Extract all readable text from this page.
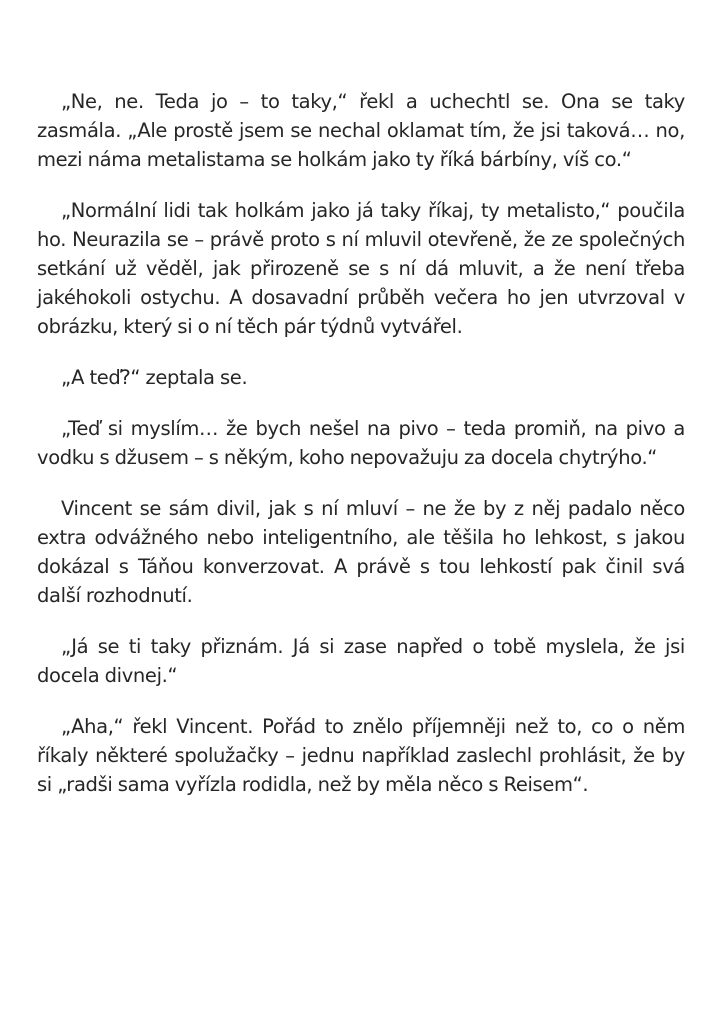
„Ne, ne. Teda jo – to taky,“ řekl a uchechtl se. Ona se taky zasmála. „Ale prostě jsem se nechal oklamat tím, že jsi taková… no, mezi náma metalistama se holkám jako ty říká bárbíny, víš co.“

„Normální lidi tak holkám jako já taky říkaj, ty metalisto,“ poučila ho. Neurazila se – právě proto s ní mluvil otevřeně, že ze společných setkání už věděl, jak přirozeně se s ní dá mluvit, a že není třeba jakéhokoli ostychu. A dosavadní průběh večera ho jen utvrzoval v obrázku, který si o ní těch pár týdnů vytvářel.

„A teď?“ zeptala se.

„Teď si myslím… že bych nešel na pivo – teda promiň, na pivo a vodku s džusem – s někým, koho nepovažuju za docela chytrýho.“

Vincent se sám divil, jak s ní mluví – ne že by z něj padalo něco extra odvážného nebo inteligentního, ale těšila ho lehkost, s jakou dokázal s Táňou konverzovat. A právě s tou lehkostí pak činil svá další rozhodnutí.

„Já se ti taky přiznám. Já si zase napřed o tobě myslela, že jsi docela divnej.“

„Aha,“ řekl Vincent. Pořád to znělo příjemněji než to, co o něm říkaly některé spolužačky – jednu například zaslechl prohlásit, že by si „radši sama vyřízla rodidla, než by měla něco s Reisem“.
